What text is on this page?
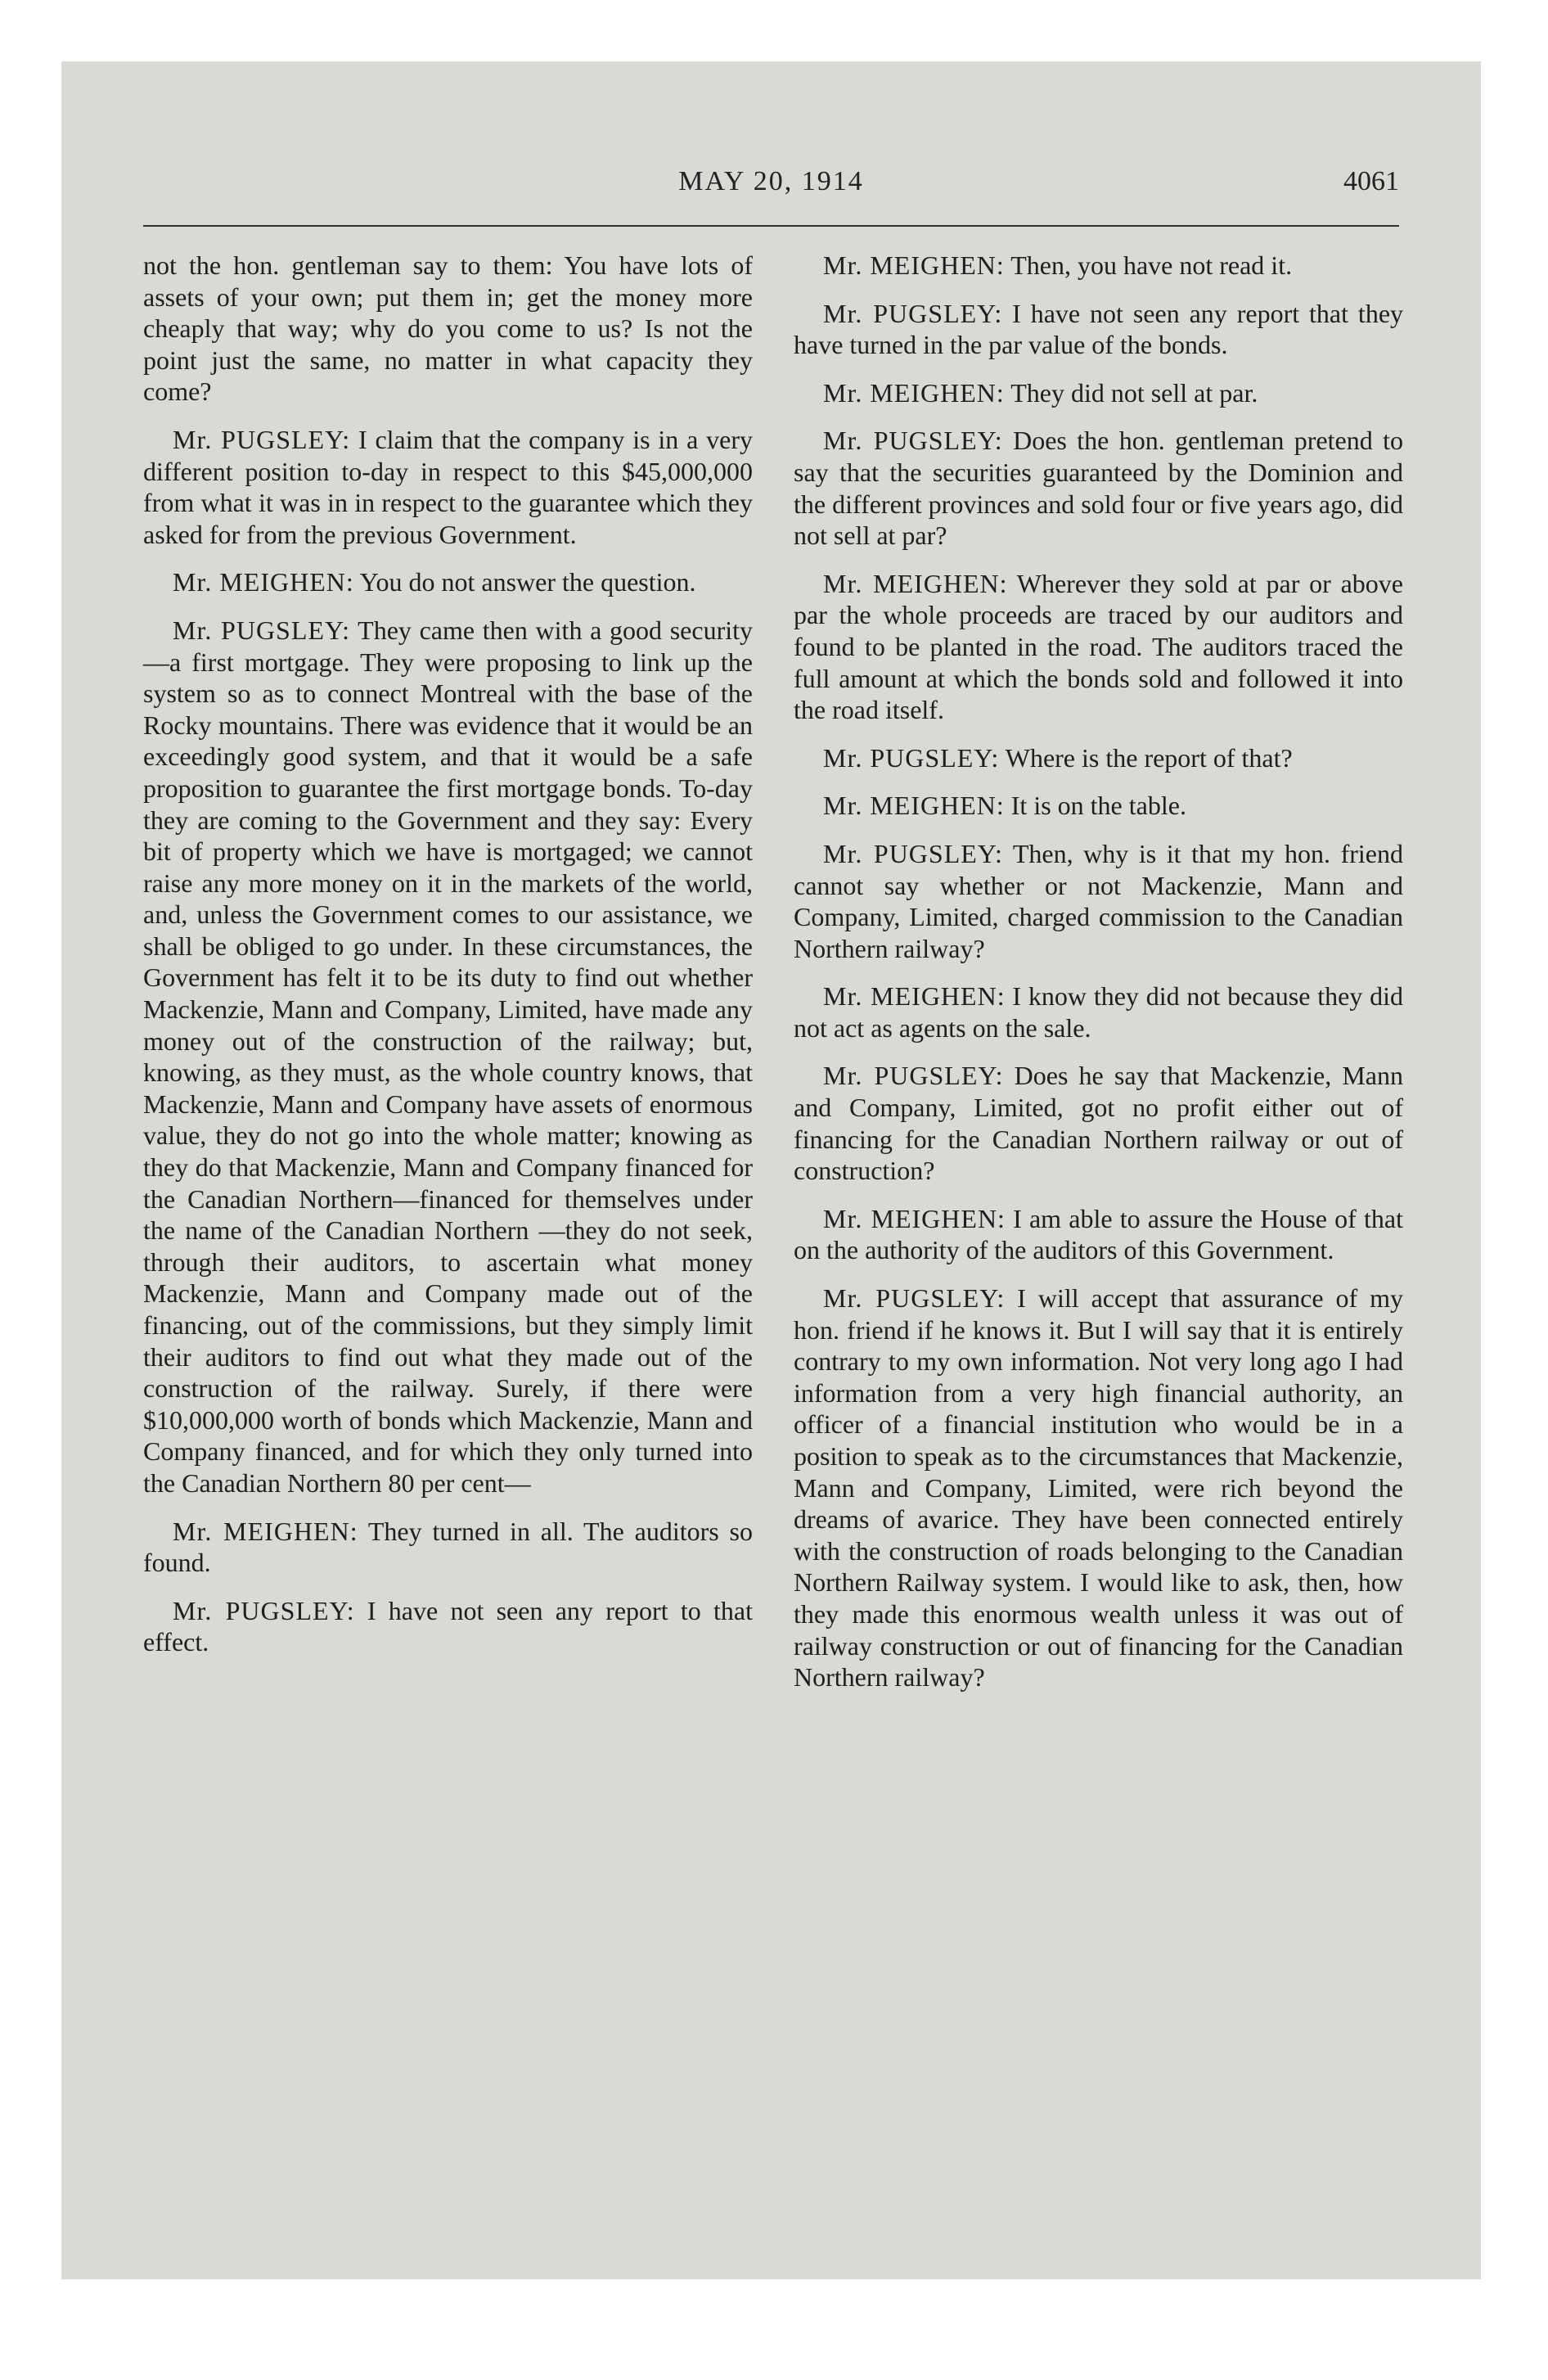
MAY 20, 1914	4061

not the hon. gentleman say to them: You have lots of assets of your own; put them in; get the money more cheaply that way; why do you come to us? Is not the point just the same, no matter in what capacity they come?

Mr. PUGSLEY: I claim that the company is in a very different position to-day in respect to this $45,000,000 from what it was in in respect to the guarantee which they asked for from the previous Government.

Mr. MEIGHEN: You do not answer the question.

Mr. PUGSLEY: They came then with a good security—a first mortgage. They were proposing to link up the system so as to connect Montreal with the base of the Rocky mountains. There was evidence that it would be an exceedingly good system, and that it would be a safe proposition to guarantee the first mortgage bonds. To-day they are coming to the Government and they say: Every bit of property which we have is mortgaged; we cannot raise any more money on it in the markets of the world, and, unless the Government comes to our assistance, we shall be obliged to go under. In these circumstances, the Government has felt it to be its duty to find out whether Mackenzie, Mann and Company, Limited, have made any money out of the construction of the railway; but, knowing, as they must, as the whole country knows, that Mackenzie, Mann and Company have assets of enormous value, they do not go into the whole matter; knowing as they do that Mackenzie, Mann and Company financed for the Canadian Northern—financed for themselves under the name of the Canadian Northern —they do not seek, through their auditors, to ascertain what money Mackenzie, Mann and Company made out of the financing, out of the commissions, but they simply limit their auditors to find out what they made out of the construction of the railway. Surely, if there were $10,000,000 worth of bonds which Mackenzie, Mann and Company financed, and for which they only turned into the Canadian Northern 80 per cent—

Mr. MEIGHEN: They turned in all. The auditors so found.

Mr. PUGSLEY: I have not seen any report to that effect.

Mr. MEIGHEN: Then, you have not read it.

Mr. PUGSLEY: I have not seen any report that they have turned in the par value of the bonds.

Mr. MEIGHEN: They did not sell at par.

Mr. PUGSLEY: Does the hon. gentleman pretend to say that the securities guaranteed by the Dominion and the different provinces and sold four or five years ago, did not sell at par?

Mr. MEIGHEN: Wherever they sold at par or above par the whole proceeds are traced by our auditors and found to be planted in the road. The auditors traced the full amount at which the bonds sold and followed it into the road itself.

Mr. PUGSLEY: Where is the report of that?

Mr. MEIGHEN: It is on the table.

Mr. PUGSLEY: Then, why is it that my hon. friend cannot say whether or not Mackenzie, Mann and Company, Limited, charged commission to the Canadian Northern railway?

Mr. MEIGHEN: I know they did not because they did not act as agents on the sale.

Mr. PUGSLEY: Does he say that Mackenzie, Mann and Company, Limited, got no profit either out of financing for the Canadian Northern railway or out of construction?

Mr. MEIGHEN: I am able to assure the House of that on the authority of the auditors of this Government.

Mr. PUGSLEY: I will accept that assurance of my hon. friend if he knows it. But I will say that it is entirely contrary to my own information. Not very long ago I had information from a very high financial authority, an officer of a financial institution who would be in a position to speak as to the circumstances that Mackenzie, Mann and Company, Limited, were rich beyond the dreams of avarice. They have been connected entirely with the construction of roads belonging to the Canadian Northern Railway system. I would like to ask, then, how they made this enormous wealth unless it was out of railway construction or out of financing for the Canadian Northern railway?
